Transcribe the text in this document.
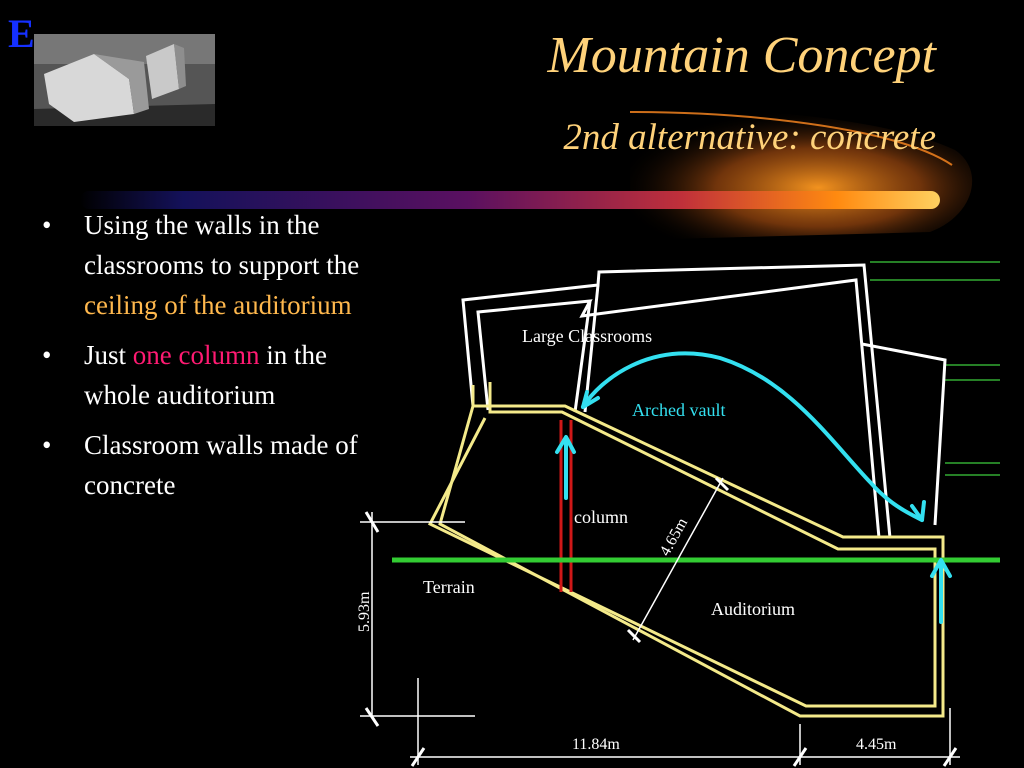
E	Mountain Concept
2nd alternative: concrete
• Using the walls in the classrooms to support the ceiling of the auditorium
• Just one column in the whole auditorium
• Classroom walls made of concrete
Large Classrooms
Arched vault
column
Terrain
Auditorium
4.65m
5.93m
11.84m	4.45m
